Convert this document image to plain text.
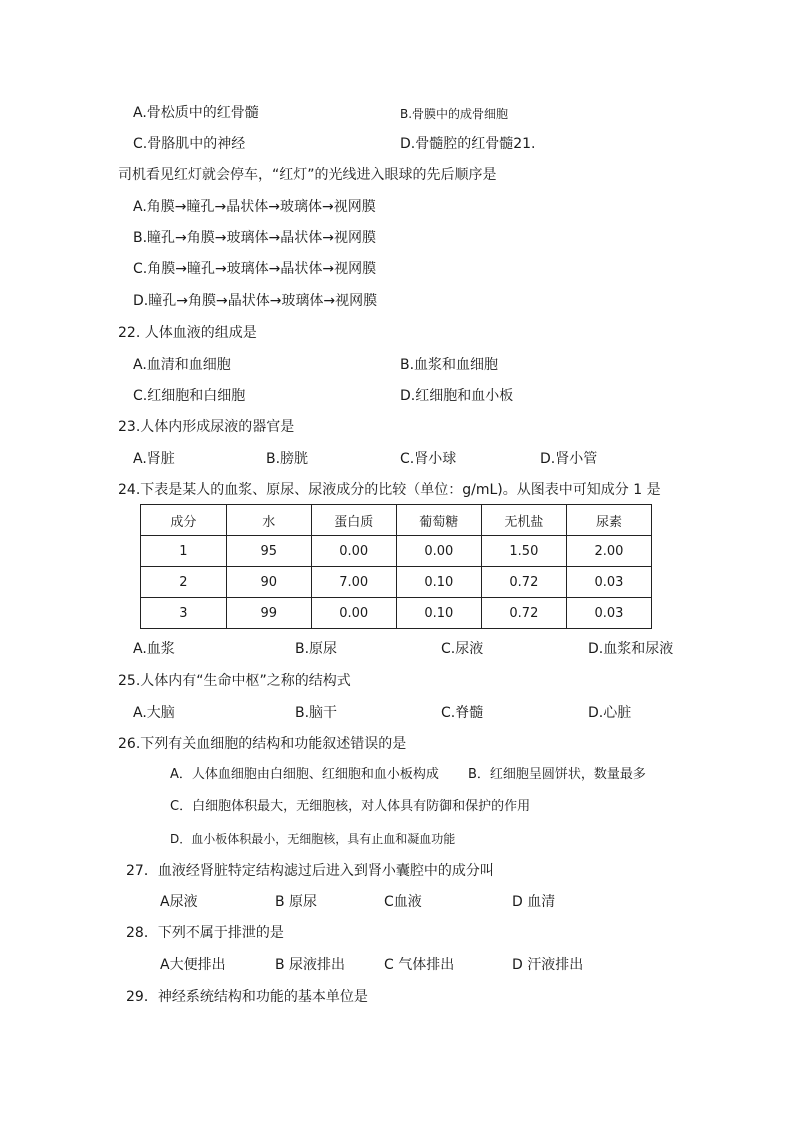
A.骨松质中的红骨髓	B.骨膜中的成骨细胞
C.骨胳肌中的神经	D.骨髓腔的红骨髓21.
司机看见红灯就会停车，“红灯”的光线进入眼球的先后顺序是
A.角膜→瞳孔→晶状体→玻璃体→视网膜
B.瞳孔→角膜→玻璃体→晶状体→视网膜
C.角膜→瞳孔→玻璃体→晶状体→视网膜
D.瞳孔→角膜→晶状体→玻璃体→视网膜
22. 人体血液的组成是
A.血清和血细胞	B.血浆和血细胞
C.红细胞和白细胞	D.红细胞和血小板
23.人体内形成尿液的器官是
A.肾脏	B.膀胱	C.肾小球	D.肾小管
24.下表是某人的血浆、原尿、尿液成分的比较（单位：g/mL)。从图表中可知成分 1 是
成分	水	蛋白质	葡萄糖	无机盐	尿素
1	95	0.00	0.00	1.50	2.00
2	90	7.00	0.10	0.72	0.03
3	99	0.00	0.10	0.72	0.03
A.血浆	B.原尿	C.尿液	D.血浆和尿液
25.人体内有“生命中枢”之称的结构式
A.大脑	B.脑干	C.脊髓	D.心脏
26.下列有关血细胞的结构和功能叙述错误的是
A．人体血细胞由白细胞、红细胞和血小板构成 B．红细胞呈圆饼状，数量最多
C．白细胞体积最大，无细胞核，对人体具有防御和保护的作用
D．血小板体积最小，无细胞核，具有止血和凝血功能
27．血液经肾脏特定结构滤过后进入到肾小囊腔中的成分叫
A尿液	B 原尿	C血液	D 血清
28．下列不属于排泄的是
A大便排出	B 尿液排出	C 气体排出	D 汗液排出
29．神经系统结构和功能的基本单位是
